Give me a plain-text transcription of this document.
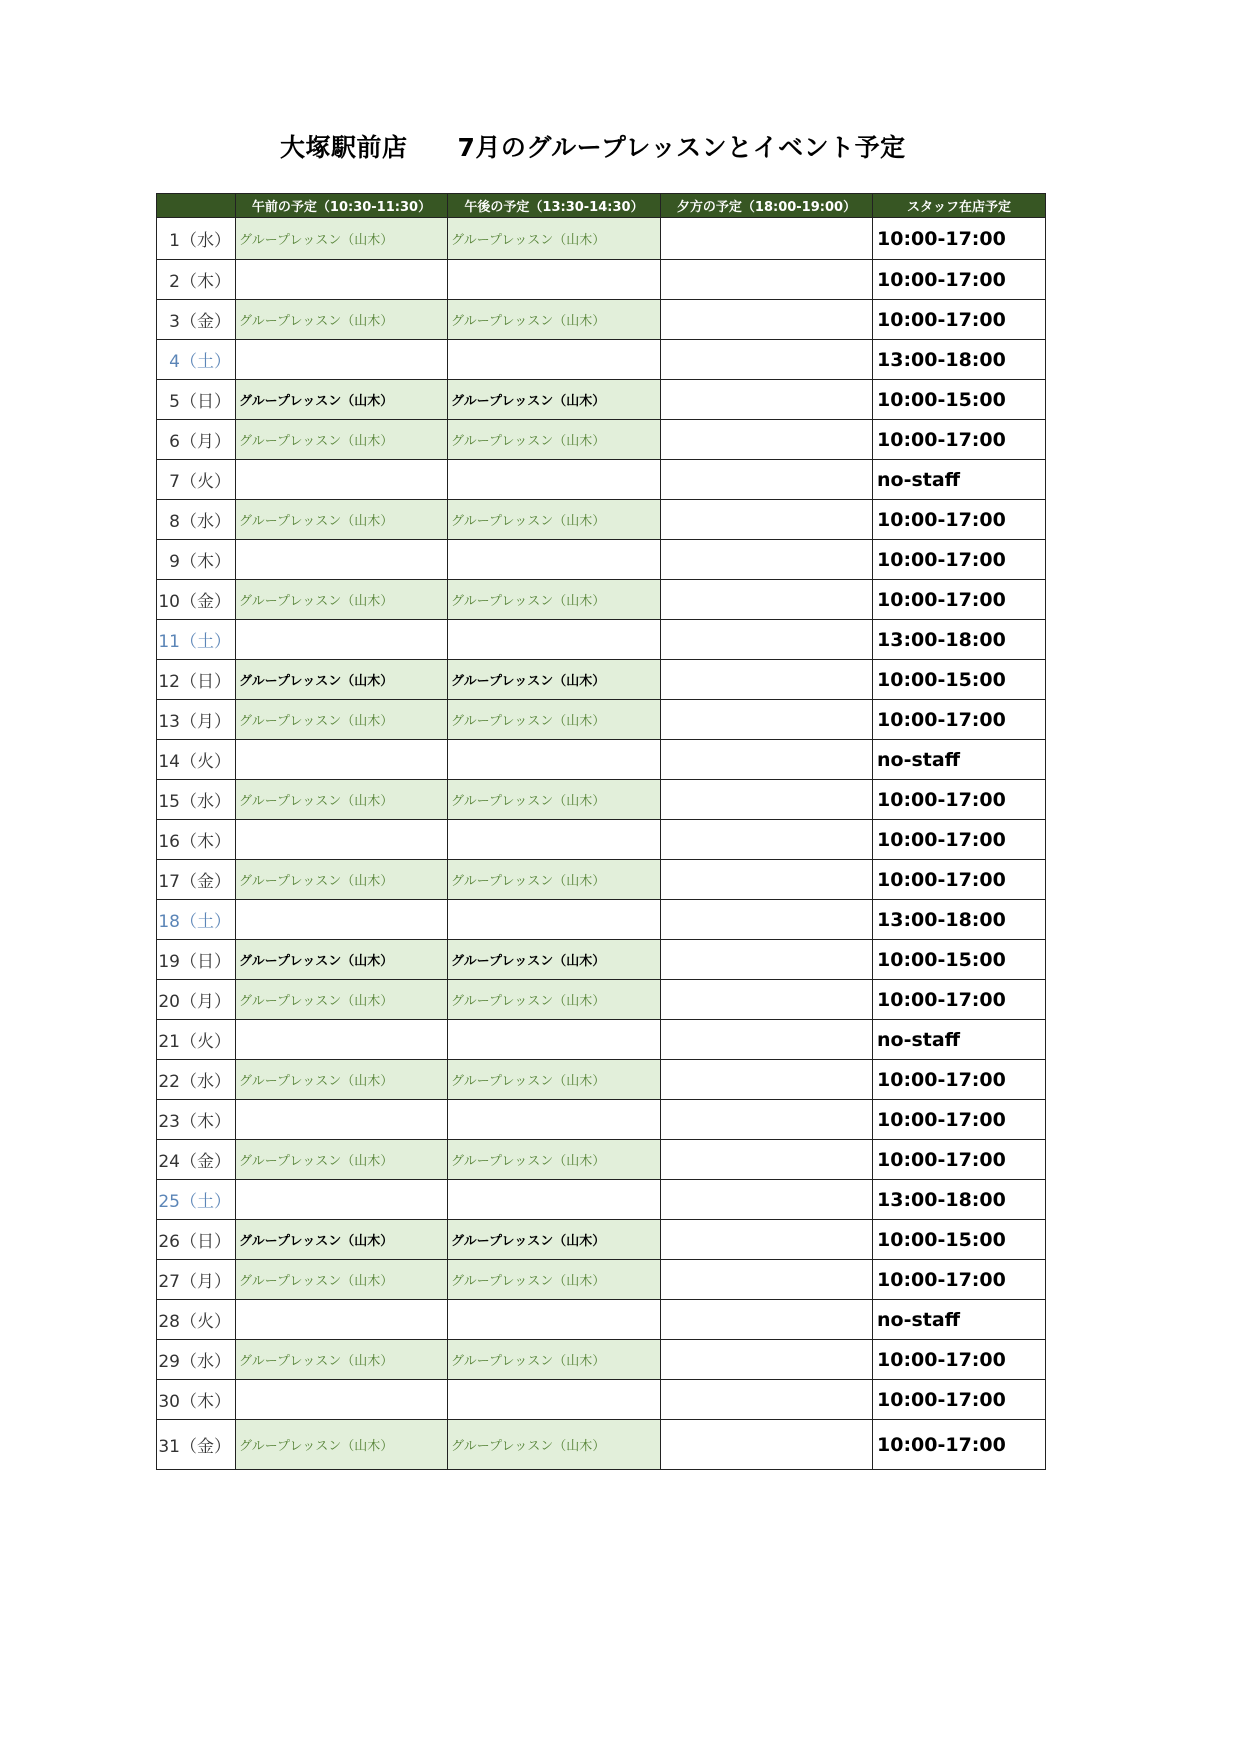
大塚駅前店 7月のグループレッスンとイベント予定
	午前の予定（10:30-11:30）	午後の予定（13:30-14:30）	夕方の予定（18:00-19:00）	スタッフ在店予定
1（水）	グループレッスン（山木）	グループレッスン（山木）		10:00-17:00
2（木）				10:00-17:00
3（金）	グループレッスン（山木）	グループレッスン（山木）		10:00-17:00
4（土）				13:00-18:00
5（日）	グループレッスン（山木）	グループレッスン（山木）		10:00-15:00
6（月）	グループレッスン（山木）	グループレッスン（山木）		10:00-17:00
7（火）				no-staff
8（水）	グループレッスン（山木）	グループレッスン（山木）		10:00-17:00
9（木）				10:00-17:00
10（金）	グループレッスン（山木）	グループレッスン（山木）		10:00-17:00
11（土）				13:00-18:00
12（日）	グループレッスン（山木）	グループレッスン（山木）		10:00-15:00
13（月）	グループレッスン（山木）	グループレッスン（山木）		10:00-17:00
14（火）				no-staff
15（水）	グループレッスン（山木）	グループレッスン（山木）		10:00-17:00
16（木）				10:00-17:00
17（金）	グループレッスン（山木）	グループレッスン（山木）		10:00-17:00
18（土）				13:00-18:00
19（日）	グループレッスン（山木）	グループレッスン（山木）		10:00-15:00
20（月）	グループレッスン（山木）	グループレッスン（山木）		10:00-17:00
21（火）				no-staff
22（水）	グループレッスン（山木）	グループレッスン（山木）		10:00-17:00
23（木）				10:00-17:00
24（金）	グループレッスン（山木）	グループレッスン（山木）		10:00-17:00
25（土）				13:00-18:00
26（日）	グループレッスン（山木）	グループレッスン（山木）		10:00-15:00
27（月）	グループレッスン（山木）	グループレッスン（山木）		10:00-17:00
28（火）				no-staff
29（水）	グループレッスン（山木）	グループレッスン（山木）		10:00-17:00
30（木）				10:00-17:00
31（金）	グループレッスン（山木）	グループレッスン（山木）		10:00-17:00
